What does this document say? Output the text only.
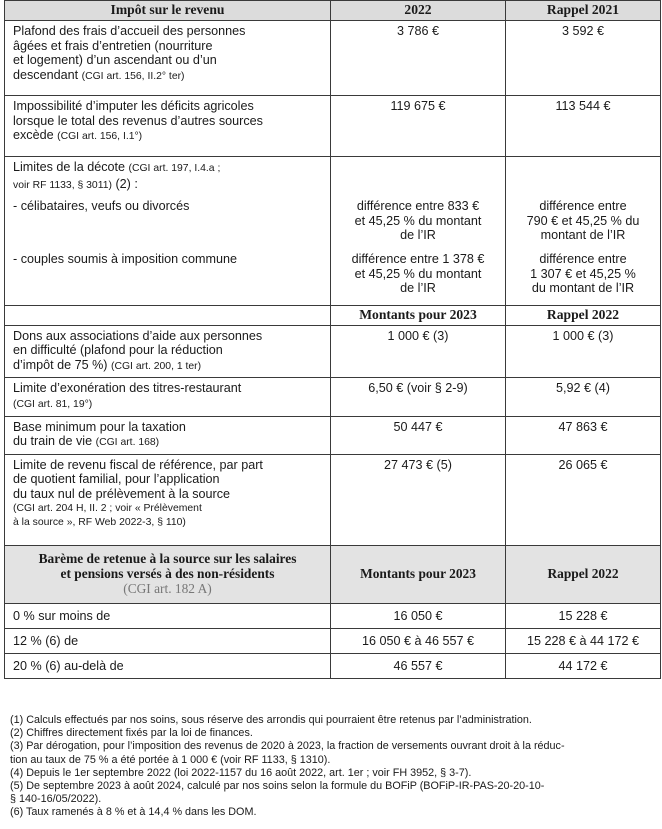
Impôt sur le revenu	2022	Rappel 2021

Plafond des frais d’accueil des personnes
âgées et frais d’entretien (nourriture
et logement) d’un ascendant ou d’un
descendant (CGI art. 156, II.2° ter)	3 786 €	3 592 €

Impossibilité d’imputer les déficits agricoles
lorsque le total des revenus d’autres sources
excède (CGI art. 156, I.1°)	119 675 €	113 544 €
Limites de la décote (CGI art. 197, I.4.a ;
voir RF 1133, § 3011) (2) :		
- célibataires, veufs ou divorcés	différence entre 833 €
et 45,25 % du montant
de l’IR	différence entre
790 € et 45,25 % du
montant de l’IR

- couples soumis à imposition commune	différence entre 1 378 €
et 45,25 % du montant
de l’IR	différence entre
1 307 € et 45,25 %
du montant de l’IR

	Montants pour 2023	Rappel 2022

Dons aux associations d’aide aux personnes
en difficulté (plafond pour la réduction
d’impôt de 75 %) (CGI art. 200, 1 ter)	1 000 € (3)	1 000 € (3)

Limite d’exonération des titres-restaurant
(CGI art. 81, 19°)	6,50 € (voir § 2-9)	5,92 € (4)

Base minimum pour la taxation
du train de vie (CGI art. 168)	50 447 €	47 863 €

Limite de revenu fiscal de référence, par part
de quotient familial, pour l’application
du taux nul de prélèvement à la source
(CGI art. 204 H, II. 2 ; voir « Prélèvement
à la source », RF Web 2022-3, § 110)	27 473 € (5)	26 065 €

Barème de retenue à la source sur les salaires
et pensions versés à des non-résidents
(CGI art. 182 A)	Montants pour 2023	Rappel 2022
0 % sur moins de	16 050 €	15 228 €
12 % (6) de	16 050 € à 46 557 €	15 228 € à 44 172 €
20 % (6) au-delà de	46 557 €	44 172 €
(1) Calculs effectués par nos soins, sous réserve des arrondis qui pourraient être retenus par l’administration.
(2) Chiffres directement fixés par la loi de finances.
(3) Par dérogation, pour l’imposition des revenus de 2020 à 2023, la fraction de versements ouvrant droit à la réduc-
tion au taux de 75 % a été portée à 1 000 € (voir RF 1133, § 1310).
(4) Depuis le 1er septembre 2022 (loi 2022-1157 du 16 août 2022, art. 1er ; voir FH 3952, § 3-7).
(5) De septembre 2023 à août 2024, calculé par nos soins selon la formule du BOFiP (BOFiP-IR-PAS-20-20-10-
§ 140-16/05/2022).
(6) Taux ramenés à 8 % et à 14,4 % dans les DOM.
